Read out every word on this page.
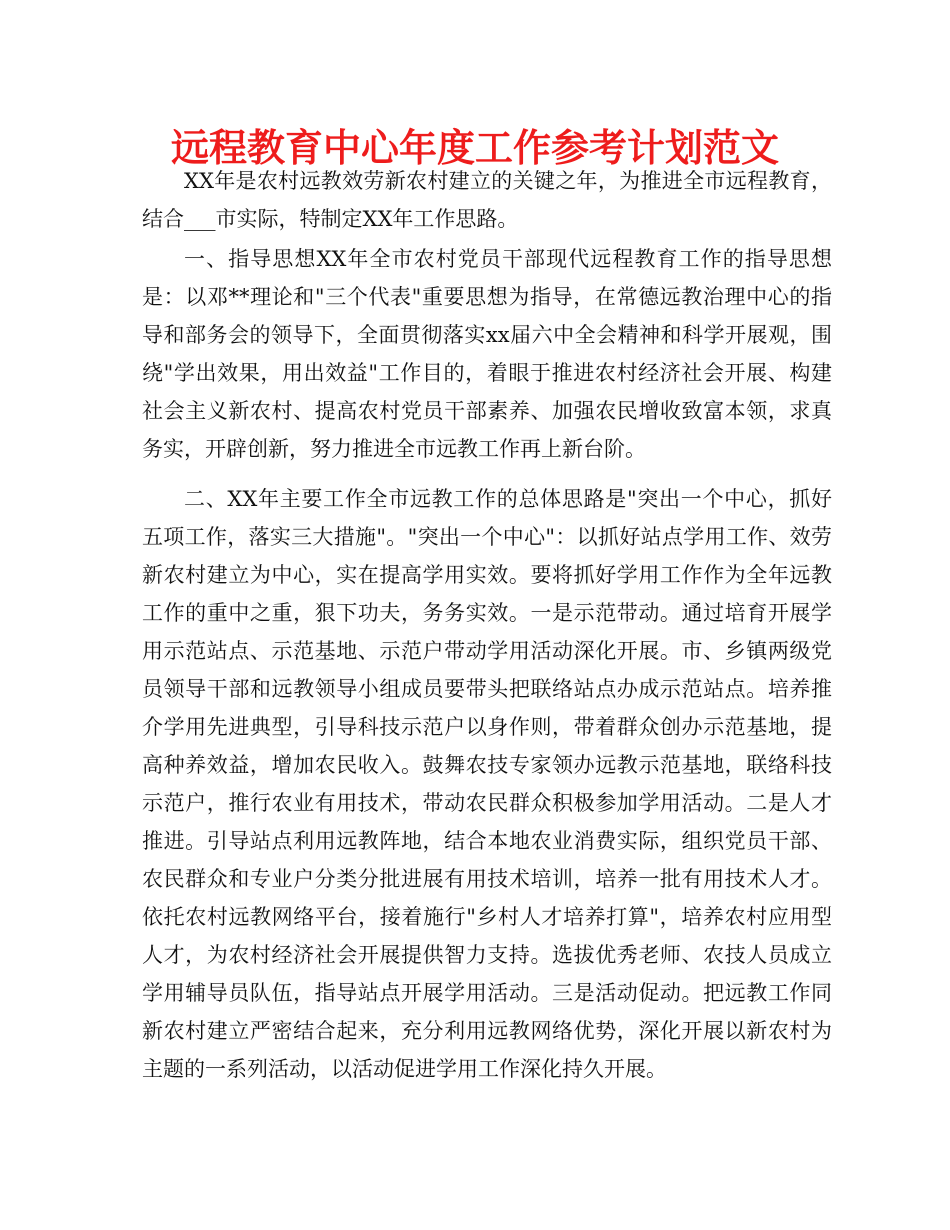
远程教育中心年度工作参考计划范文

XX年是农村远教效劳新农村建立的关键之年，为推进全市远程教育，结合___市实际，特制定XX年工作思路。

一、指导思想XX年全市农村党员干部现代远程教育工作的指导思想是：以邓**理论和"三个代表"重要思想为指导，在常德远教治理中心的指导和部务会的领导下，全面贯彻落实xx届六中全会精神和科学开展观，围绕"学出效果，用出效益"工作目的，着眼于推进农村经济社会开展、构建社会主义新农村、提高农村党员干部素养、加强农民增收致富本领，求真务实，开辟创新，努力推进全市远教工作再上新台阶。

二、XX年主要工作全市远教工作的总体思路是"突出一个中心，抓好五项工作，落实三大措施"。"突出一个中心"：以抓好站点学用工作、效劳新农村建立为中心，实在提高学用实效。要将抓好学用工作作为全年远教工作的重中之重，狠下功夫，务务实效。一是示范带动。通过培育开展学用示范站点、示范基地、示范户带动学用活动深化开展。市、乡镇两级党员领导干部和远教领导小组成员要带头把联络站点办成示范站点。培养推介学用先进典型，引导科技示范户以身作则，带着群众创办示范基地，提高种养效益，增加农民收入。鼓舞农技专家领办远教示范基地，联络科技示范户，推行农业有用技术，带动农民群众积极参加学用活动。二是人才推进。引导站点利用远教阵地，结合本地农业消费实际，组织党员干部、农民群众和专业户分类分批进展有用技术培训，培养一批有用技术人才。依托农村远教网络平台，接着施行"乡村人才培养打算"，培养农村应用型人才，为农村经济社会开展提供智力支持。选拔优秀老师、农技人员成立学用辅导员队伍，指导站点开展学用活动。三是活动促动。把远教工作同新农村建立严密结合起来，充分利用远教网络优势，深化开展以新农村为主题的一系列活动，以活动促进学用工作深化持久开展。
